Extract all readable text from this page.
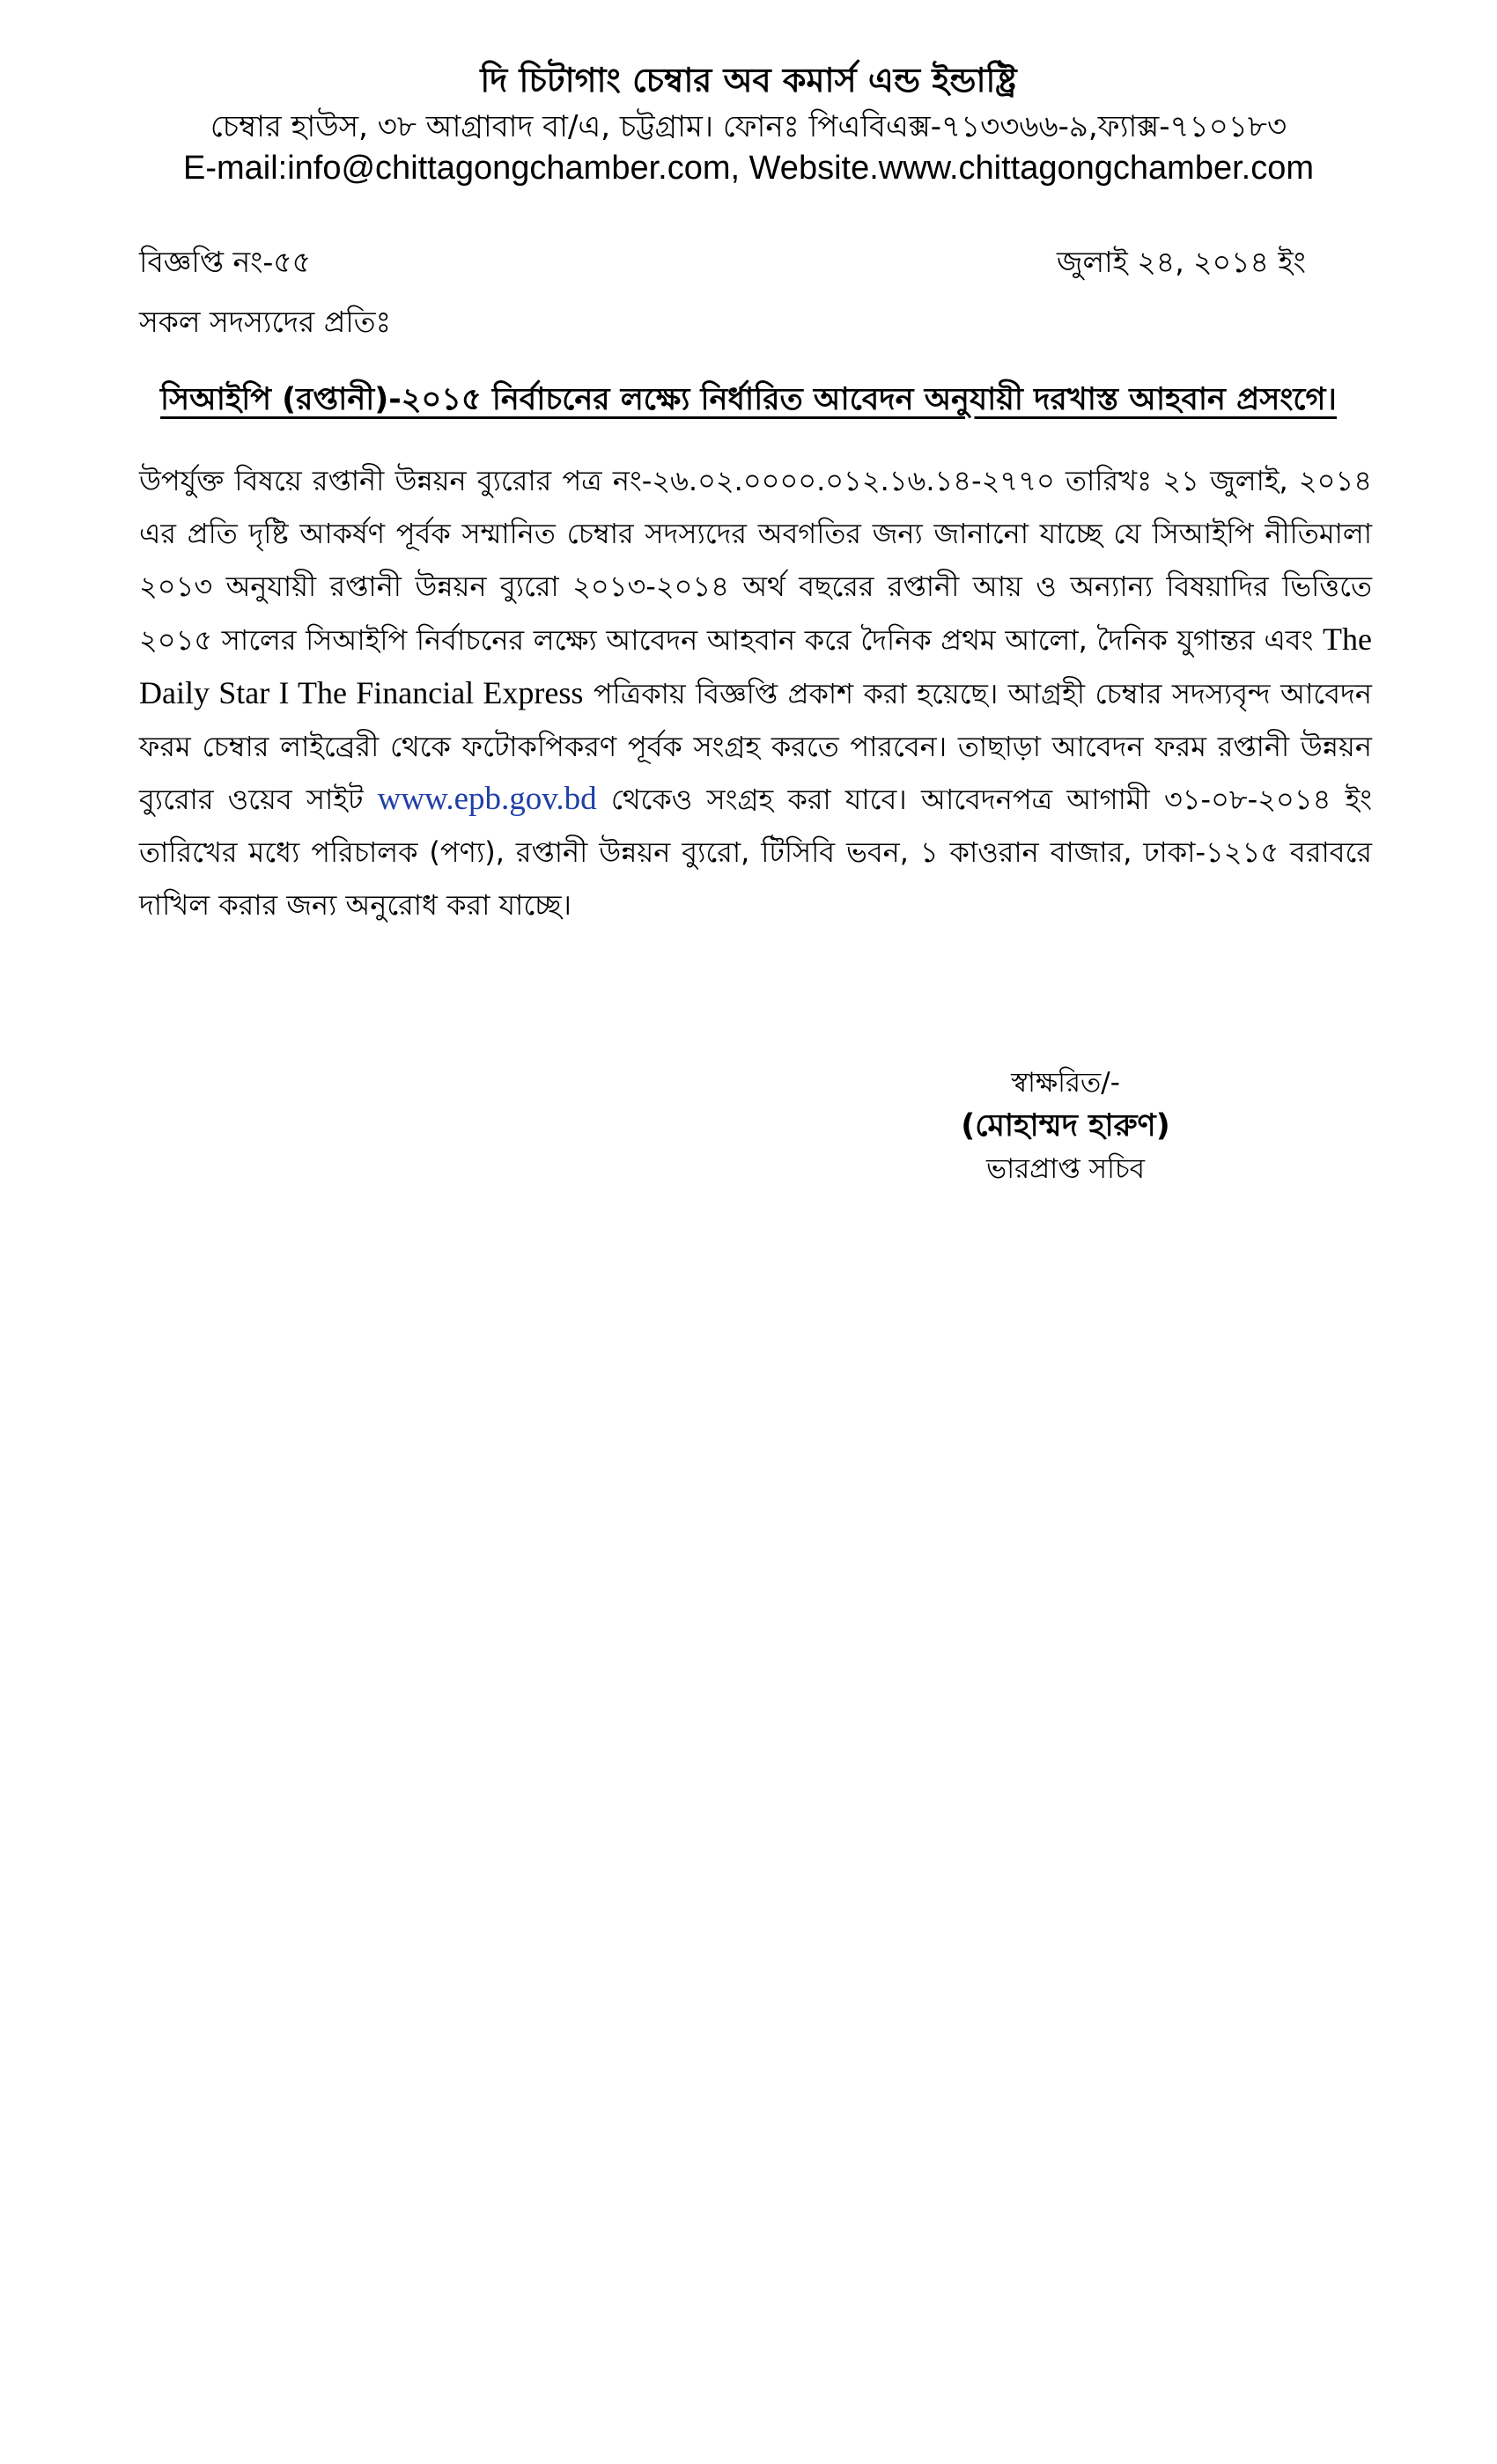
দি চিটাগাং চেম্বার অব কমার্স এন্ড ইন্ডাষ্ট্রি
চেম্বার হাউস, ৩৮ আগ্রাবাদ বা/এ, চট্টগ্রাম। ফোনঃ পিএবিএক্স-৭১৩৩৬৬-৯,ফ্যাক্স-৭১০১৮৩
E-mail:info@chittagongchamber.com, Website.www.chittagongchamber.com
বিজ্ঞপ্তি নং-৫৫	জুলাই ২৪, ২০১৪ ইং
সকল সদস্যদের প্রতিঃ
সিআইপি (রপ্তানী)-২০১৫ নির্বাচনের লক্ষ্যে নির্ধারিত আবেদন অনুযায়ী দরখাস্ত আহবান প্রসংগে।
উপর্যুক্ত বিষয়ে রপ্তানী উন্নয়ন ব্যুরোর পত্র নং-২৬.০২.০০০০.০১২.১৬.১৪-২৭৭০ তারিখঃ ২১ জুলাই, ২০১৪ এর প্রতি দৃষ্টি আকর্ষণ পূর্বক সম্মানিত চেম্বার সদস্যদের অবগতির জন্য জানানো যাচ্ছে যে সিআইপি নীতিমালা ২০১৩ অনুযায়ী রপ্তানী উন্নয়ন ব্যুরো ২০১৩-২০১৪ অর্থ বছরের রপ্তানী আয় ও অন্যান্য বিষয়াদির ভিত্তিতে ২০১৫ সালের সিআইপি নির্বাচনের লক্ষ্যে আবেদন আহবান করে দৈনিক প্রথম আলো, দৈনিক যুগান্তর এবং The Daily Star I The Financial Express পত্রিকায় বিজ্ঞপ্তি প্রকাশ করা হয়েছে। আগ্রহী চেম্বার সদস্যবৃন্দ আবেদন ফরম চেম্বার লাইব্রেরী থেকে ফটোকপিকরণ পূর্বক সংগ্রহ করতে পারবেন। তাছাড়া আবেদন ফরম রপ্তানী উন্নয়ন ব্যুরোর ওয়েব সাইট www.epb.gov.bd থেকেও সংগ্রহ করা যাবে। আবেদনপত্র আগামী ৩১-০৮-২০১৪ ইং তারিখের মধ্যে পরিচালক (পণ্য), রপ্তানী উন্নয়ন ব্যুরো, টিসিবি ভবন, ১ কাওরান বাজার, ঢাকা-১২১৫ বরাবরে দাখিল করার জন্য অনুরোধ করা যাচ্ছে।
স্বাক্ষরিত/-
(মোহাম্মদ হারুণ)
ভারপ্রাপ্ত সচিব
